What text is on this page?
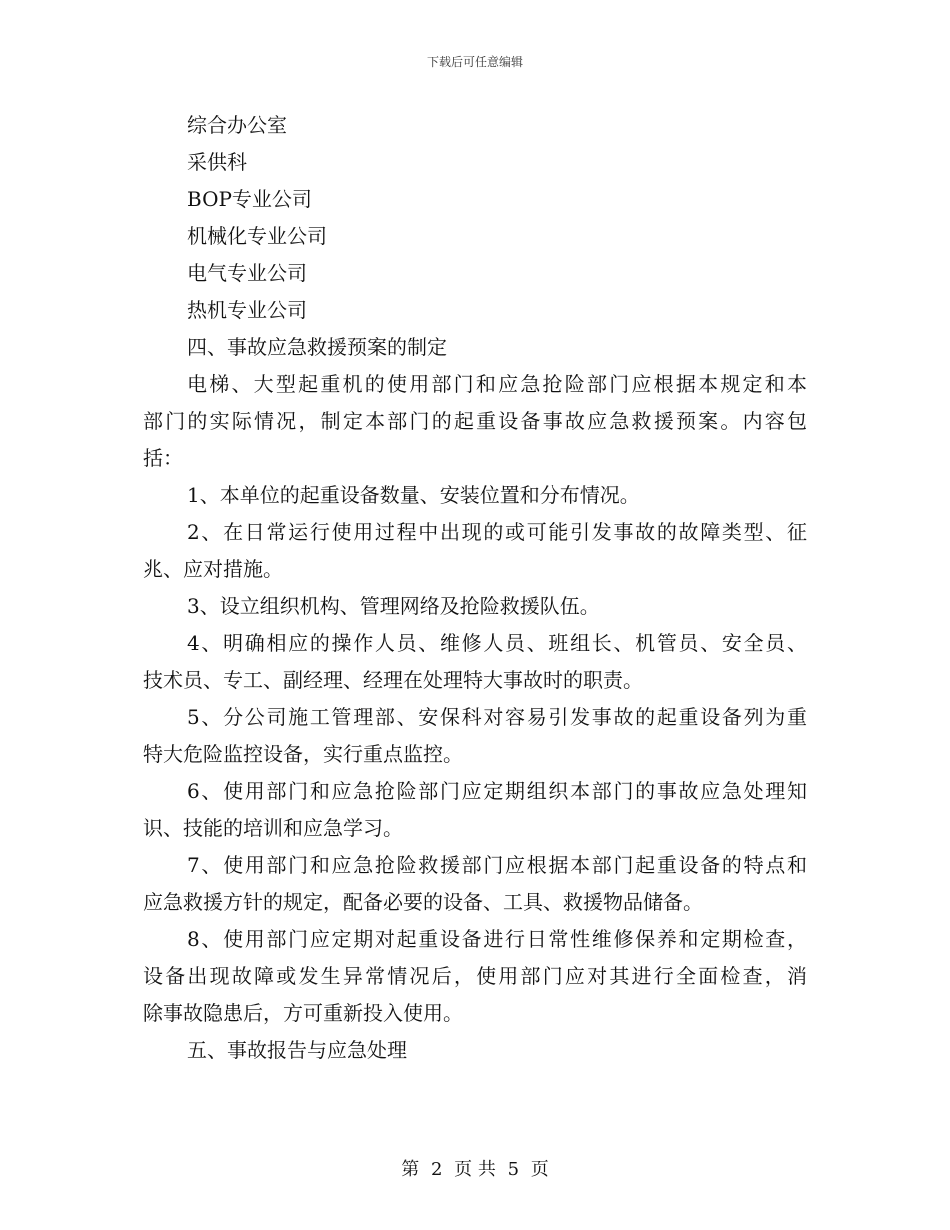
下载后可任意编辑
综合办公室
采供科
BOP专业公司
机械化专业公司
电气专业公司
热机专业公司
四、事故应急救援预案的制定
电梯、大型起重机的使用部门和应急抢险部门应根据本规定和本
部门的实际情况，制定本部门的起重设备事故应急救援预案。内容包
括：
1、本单位的起重设备数量、安装位置和分布情况。
2、在日常运行使用过程中出现的或可能引发事故的故障类型、征
兆、应对措施。
3、设立组织机构、管理网络及抢险救援队伍。
4、明确相应的操作人员、维修人员、班组长、机管员、安全员、
技术员、专工、副经理、经理在处理特大事故时的职责。
5、分公司施工管理部、安保科对容易引发事故的起重设备列为重
特大危险监控设备，实行重点监控。
6、使用部门和应急抢险部门应定期组织本部门的事故应急处理知
识、技能的培训和应急学习。
7、使用部门和应急抢险救援部门应根据本部门起重设备的特点和
应急救援方针的规定，配备必要的设备、工具、救援物品储备。
8、使用部门应定期对起重设备进行日常性维修保养和定期检查，
设备出现故障或发生异常情况后，使用部门应对其进行全面检查，消
除事故隐患后，方可重新投入使用。
五、事故报告与应急处理
第 2 页 共 5 页
